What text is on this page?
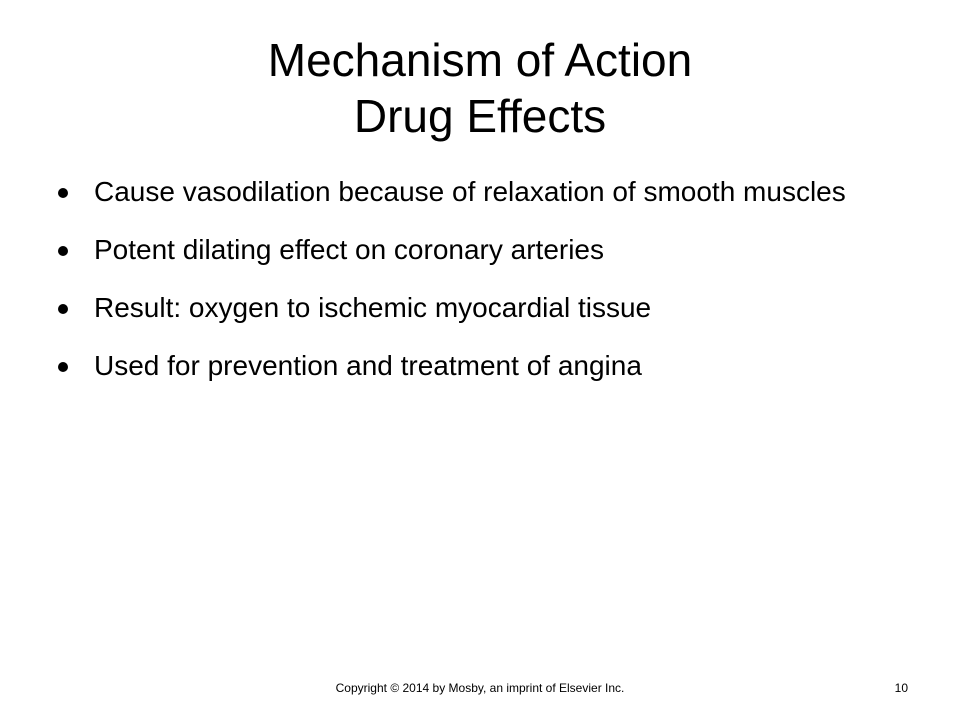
Mechanism of Action
Drug Effects
Cause vasodilation because of relaxation of smooth muscles
Potent dilating effect on coronary arteries
Result: oxygen to ischemic myocardial tissue
Used for prevention and treatment of angina
Copyright © 2014 by Mosby, an imprint of Elsevier Inc.	10
